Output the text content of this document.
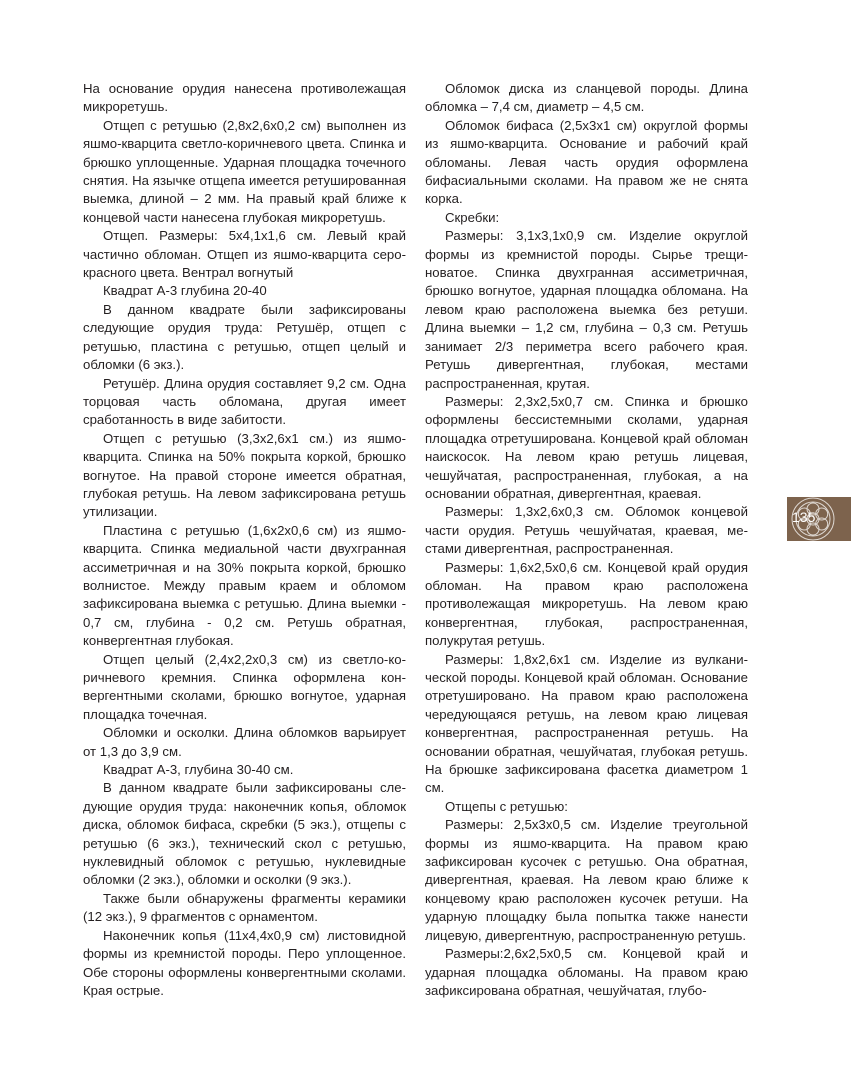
На основание орудия нанесена противолежащая микроретушь.

Отщеп с ретушью (2,8х2,6х0,2 см) выполнен из яшмо-кварцита светло-коричневого цвета. Спинка и брюшко уплощенные. Ударная площадка точечного снятия. На язычке отщепа имеется ретушированная выемка, длиной – 2 мм. На правый край ближе к концевой части нанесена глубокая микроретушь.

Отщеп. Размеры: 5х4,1х1,6 см. Левый край частично обломан. Отщеп из яшмо-кварцита серо-красного цвета. Вентрал вогнутый

Квадрат А-3 глубина 20-40

В данном квадрате были зафиксированы следующие орудия труда: Ретушёр, отщеп с ретушью, пластина с ретушью, отщеп целый и обломки (6 экз.).

Ретушёр. Длина орудия составляет 9,2 см. Одна торцовая часть обломана, другая имеет сработанность в виде забитости.

Отщеп с ретушью (3,3х2,6х1 см.) из яшмо-кварцита. Спинка на 50% покрыта коркой, брюшко вогнутое. На правой стороне имеется обратная, глубокая ретушь. На левом зафиксирована ретушь утилизации.

Пластина с ретушью (1,6х2х0,6 см) из яшмо-кварцита. Спинка медиальной части двухгранная ассиметричная и на 30% покрыта коркой, брюшко волнистое. Между правым краем и обломом зафиксирована выемка с ретушью. Длина выемки - 0,7 см, глубина - 0,2 см. Ретушь обратная, конвергентная глубокая.

Отщеп целый (2,4х2,2х0,3 см) из светло-коричневого кремния. Спинка оформлена конвергентными сколами, брюшко вогнутое, ударная площадка точечная.

Обломки и осколки. Длина обломков варьирует от 1,3 до 3,9 см.

Квадрат А-3, глубина 30-40 см.

В данном квадрате были зафиксированы следующие орудия труда: наконечник копья, обломок диска, обломок бифаса, скребки (5 экз.), отщепы с ретушью (6 экз.), технический скол с ретушью, нуклевидный обломок с ретушью, нуклевидные обломки (2 экз.), обломки и осколки (9 экз.).

Также были обнаружены фрагменты керамики (12 экз.), 9 фрагментов с орнаментом.

Наконечник копья (11х4,4х0,9 см) листовидной формы из кремнистой породы. Перо уплощенное. Обе стороны оформлены конвергентными сколами. Края острые.

Обломок диска из сланцевой породы. Длина обломка – 7,4 см, диаметр – 4,5 см.

Обломок бифаса (2,5х3х1 см) округлой формы из яшмо-кварцита. Основание и рабочий край обломаны. Левая часть орудия оформлена бифасиальными сколами. На правом же не снята корка.

Скребки:

Размеры: 3,1х3,1х0,9 см. Изделие округлой формы из кремнистой породы. Сырье трещиноватое. Спинка двухгранная ассиметричная, брюшко вогнутое, ударная площадка обломана. На левом краю расположена выемка без ретуши. Длина выемки – 1,2 см, глубина – 0,3 см. Ретушь занимает 2/3 периметра всего рабочего края. Ретушь дивергентная, глубокая, местами распространенная, крутая.

Размеры: 2,3х2,5х0,7 см. Спинка и брюшко оформлены бессистемными сколами, ударная площадка отретуширована. Концевой край обломан наискосок. На левом краю ретушь лицевая, чешуйчатая, распространенная, глубокая, а на основании обратная, дивергентная, краевая.

Размеры: 1,3х2,6х0,3 см. Обломок концевой части орудия. Ретушь чешуйчатая, краевая, местами дивергентная, распространенная.

Размеры: 1,6х2,5х0,6 см. Концевой край орудия обломан. На правом краю расположена противолежащая микроретушь. На левом краю конвергентная, глубокая, распространенная, полукрутая ретушь.

Размеры: 1,8х2,6х1 см. Изделие из вулканической породы. Концевой край обломан. Основание отретушировано. На правом краю расположена чередующаяся ретушь, на левом краю лицевая конвергентная, распространенная ретушь. На основании обратная, чешуйчатая, глубокая ретушь. На брюшке зафиксирована фасетка диаметром 1 см.

Отщепы с ретушью:

Размеры: 2,5х3х0,5 см. Изделие треугольной формы из яшмо-кварцита. На правом краю зафиксирован кусочек с ретушью. Она обратная, дивергентная, краевая. На левом краю ближе к концевому краю расположен кусочек ретуши. На ударную площадку была попытка также нанести лицевую, дивергентную, распространенную ретушь.

Размеры:2,6х2,5х0,5 см. Концевой край и ударная площадка обломаны. На правом краю зафиксирована обратная, чешуйчатая, глубо-

135
